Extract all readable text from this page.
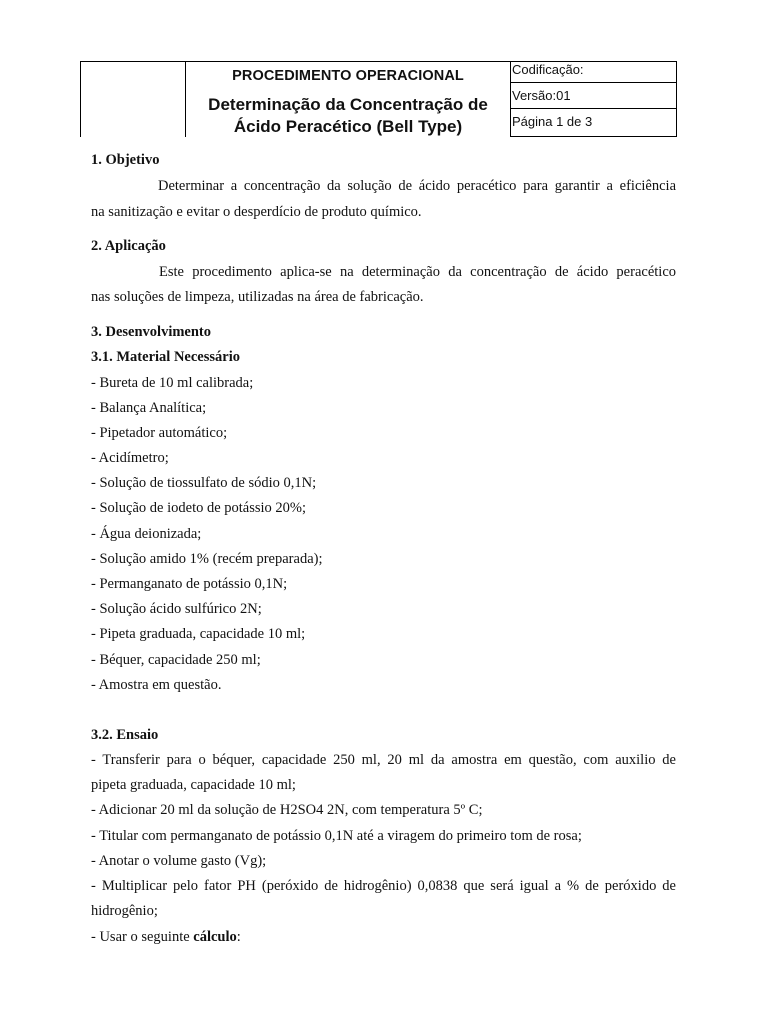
PROCEDIMENTO OPERACIONAL
Determinação da Concentração de
Ácido Peracético (Bell Type)
Codificação:
Versão:01
Página 1 de 3
1. Objetivo
Determinar a concentração da solução de ácido peracético para garantir a eficiência
na sanitização e evitar o desperdício de produto químico.
2. Aplicação
Este procedimento aplica-se na determinação da concentração de ácido peracético
nas soluções de limpeza, utilizadas na área de fabricação.
3. Desenvolvimento
3.1. Material Necessário
- Bureta de 10 ml calibrada;
- Balança Analítica;
- Pipetador automático;
- Acidímetro;
- Solução de tiossulfato de sódio 0,1N;
- Solução de iodeto de potássio 20%;
- Água deionizada;
- Solução amido 1% (recém preparada);
- Permanganato de potássio 0,1N;
- Solução ácido sulfúrico 2N;
- Pipeta graduada, capacidade 10 ml;
- Béquer, capacidade 250 ml;
- Amostra em questão.
3.2. Ensaio
- Transferir para o béquer, capacidade 250 ml, 20 ml da amostra em questão, com auxilio de
pipeta graduada, capacidade 10 ml;
- Adicionar 20 ml da solução de H2SO4 2N, com temperatura 5º C;
- Titular com permanganato de potássio 0,1N até a viragem do primeiro tom de rosa;
- Anotar o volume gasto (Vg);
- Multiplicar pelo fator PH (peróxido de hidrogênio) 0,0838 que será igual a % de peróxido de
hidrogênio;
- Usar o seguinte cálculo:
